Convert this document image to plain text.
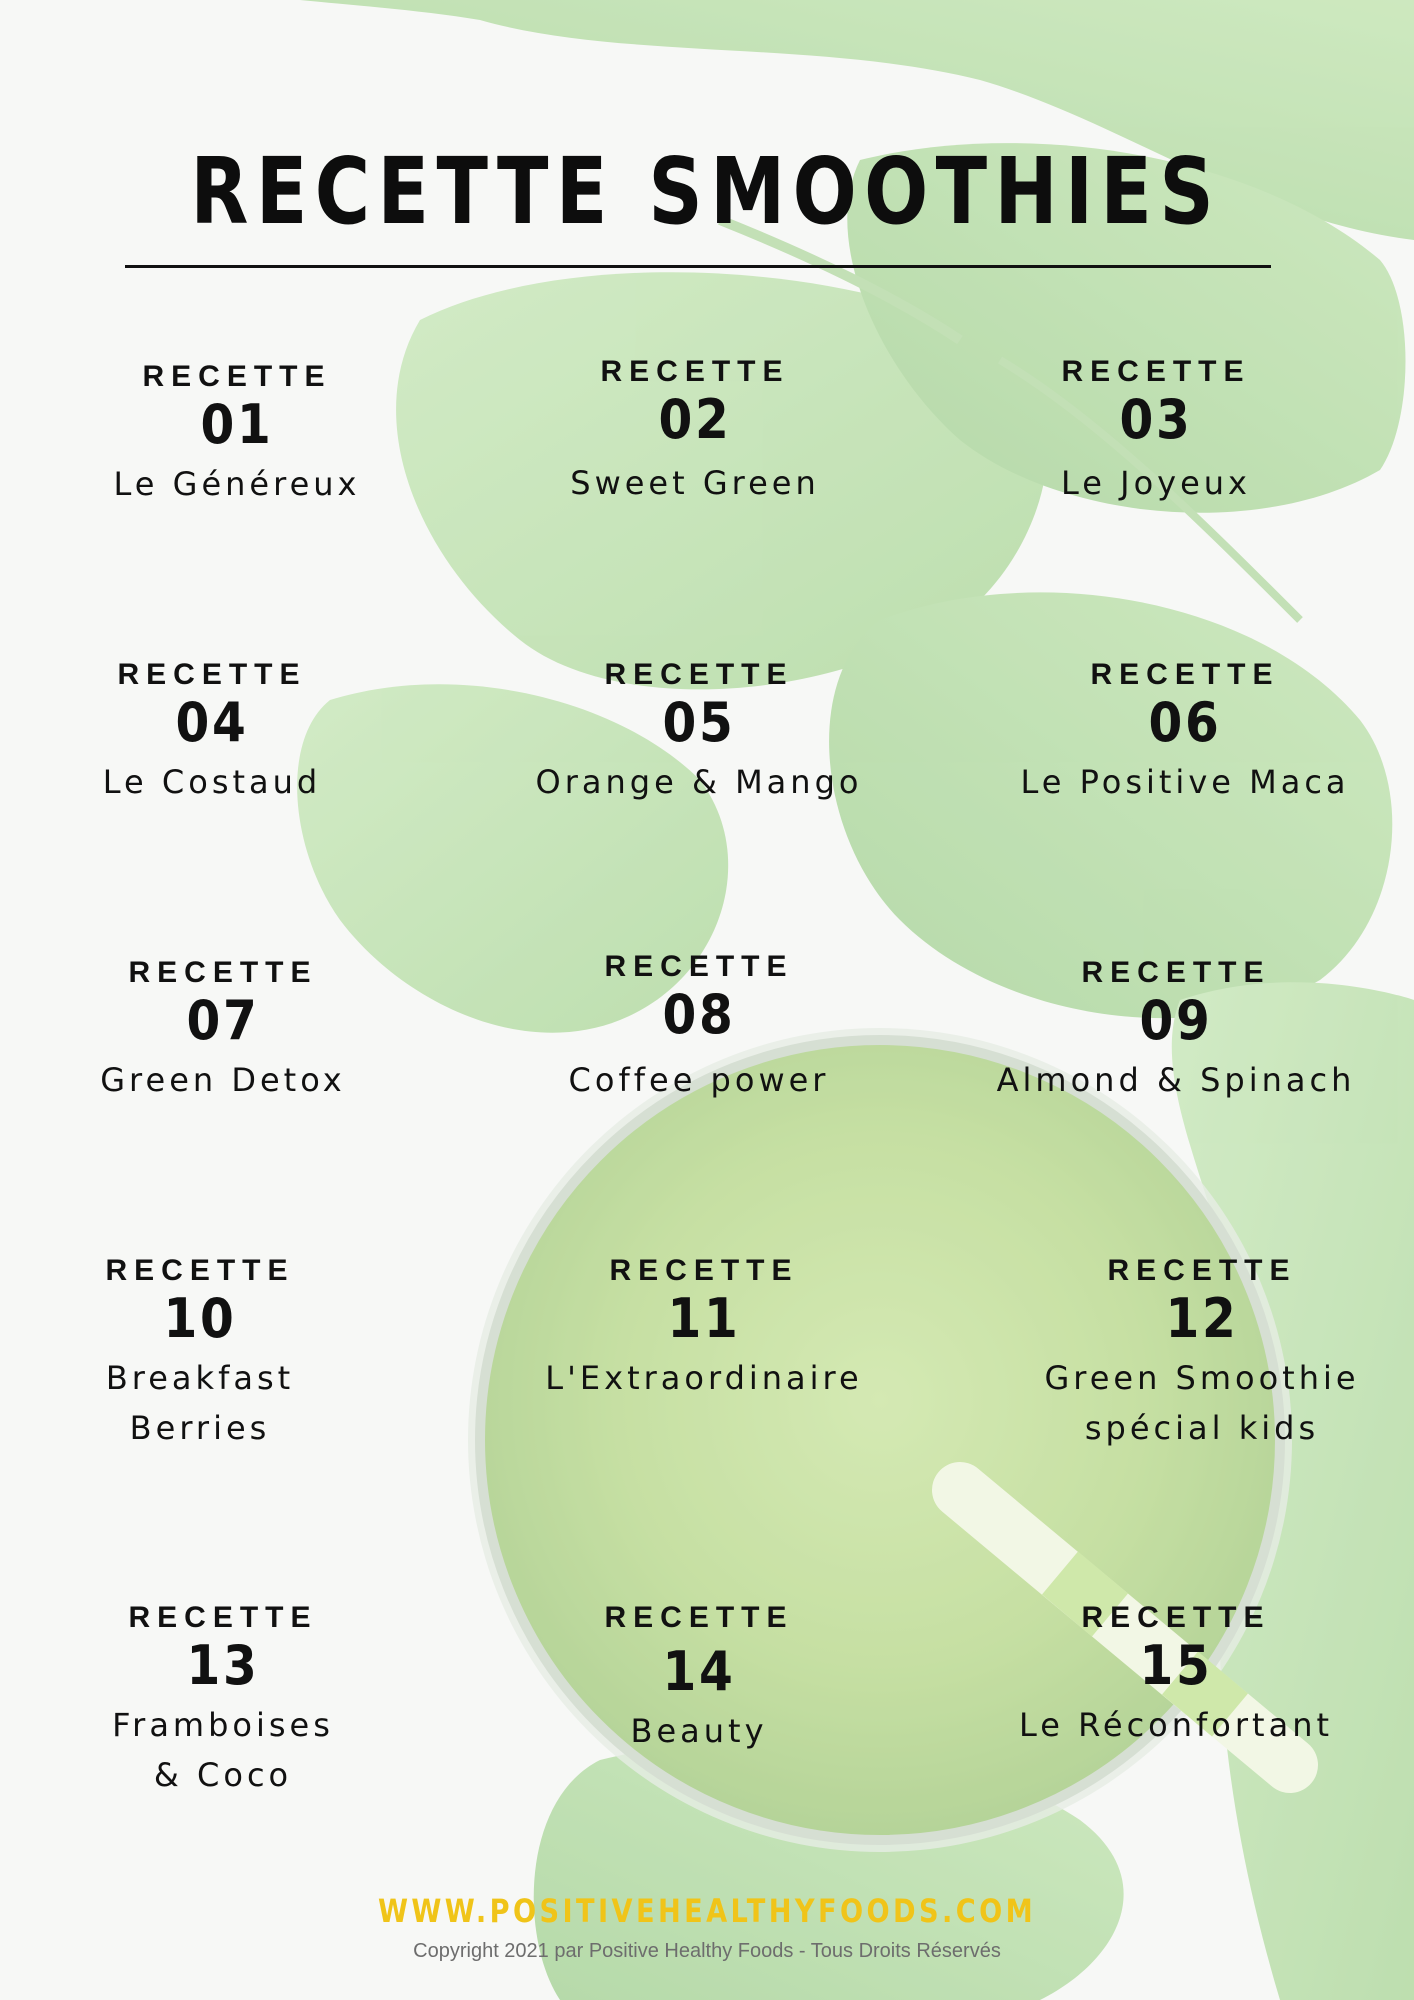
RECETTE SMOOTHIES
RECETTE
01
Le Généreux
RECETTE
02
Sweet Green
RECETTE
03
Le Joyeux
RECETTE
04
Le Costaud
RECETTE
05
Orange & Mango
RECETTE
06
Le Positive Maca
RECETTE
07
Green Detox
RECETTE
08
Coffee power
RECETTE
09
Almond & Spinach
RECETTE
10
Breakfast Berries
RECETTE
11
L'Extraordinaire
RECETTE
12
Green Smoothie spécial kids
RECETTE
13
Framboises & Coco
RECETTE
14
Beauty
RECETTE
15
Le Réconfortant
WWW.POSITIVEHEALTHYFOODS.COM
Copyright 2021 par Positive Healthy Foods - Tous Droits Réservés
